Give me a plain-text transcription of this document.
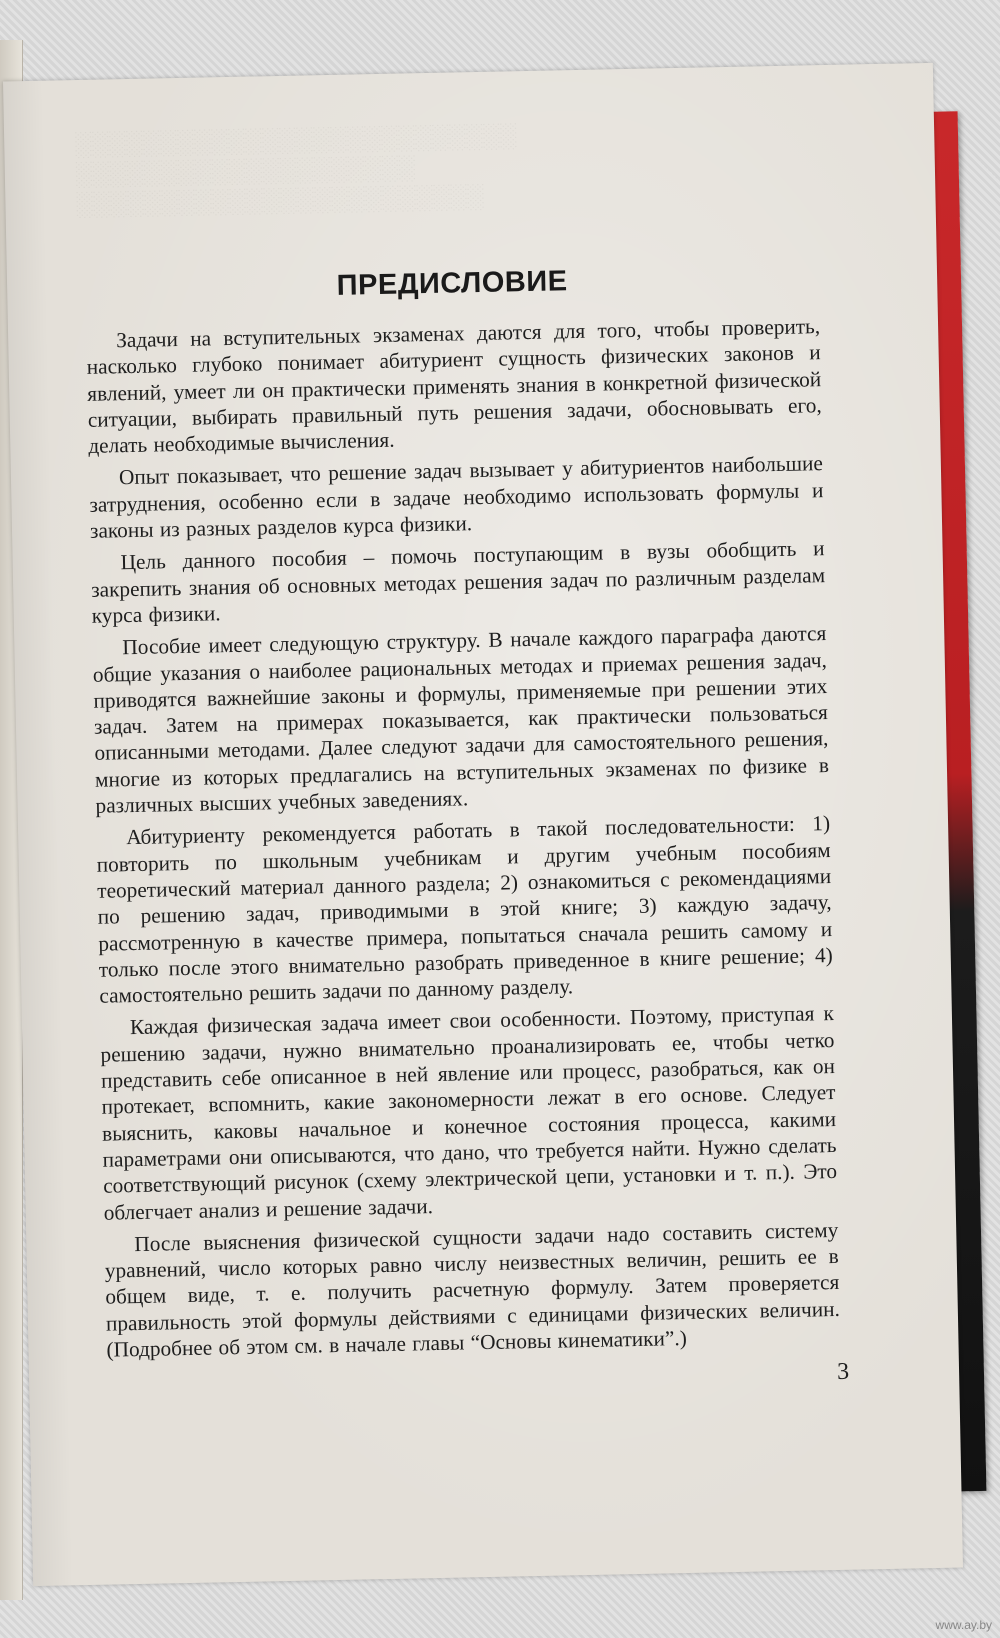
░░░░░░░░░░░░░░░░░░░░░░░░░░
░░░░░░░░░░░░░░░░░░░░
░░░░░░░░░░░░░░░░░░░░░░░░
ПРЕДИСЛОВИЕ

Задачи на вступительных экзаменах даются для того, чтобы проверить, насколько глубоко понимает абитуриент сущность физических законов и явлений, умеет ли он практически применять знания в конкретной физической ситуации, выбирать правильный путь решения задачи, обосновывать его, делать необходимые вычисления.

Опыт показывает, что решение задач вызывает у абитуриентов наибольшие затруднения, особенно если в задаче необходимо использовать формулы и законы из разных разделов курса физики.

Цель данного пособия – помочь поступающим в вузы обобщить и закрепить знания об основных методах решения задач по различным разделам курса физики.

Пособие имеет следующую структуру. В начале каждого параграфа даются общие указания о наиболее рациональных методах и приемах решения задач, приводятся важнейшие законы и формулы, применяемые при решении этих задач. Затем на примерах показывается, как практически пользоваться описанными методами. Далее следуют задачи для самостоятельного решения, многие из которых предлагались на вступительных экзаменах по физике в различных высших учебных заведениях.

Абитуриенту рекомендуется работать в такой последовательности: 1) повторить по школьным учебникам и другим учебным пособиям теоретический материал данного раздела; 2) ознакомиться с рекомендациями по решению задач, приводимыми в этой книге; 3) каждую задачу, рассмотренную в качестве примера, попытаться сначала решить самому и только после этого внимательно разобрать приведенное в книге решение; 4) самостоятельно решить задачи по данному разделу.

Каждая физическая задача имеет свои особенности. Поэтому, приступая к решению задачи, нужно внимательно проанализировать ее, чтобы четко представить себе описанное в ней явление или процесс, разобраться, как он протекает, вспомнить, какие закономерности лежат в его основе. Следует выяснить, каковы начальное и конечное состояния процесса, какими параметрами они описываются, что дано, что требуется найти. Нужно сделать соответствующий рисунок (схему электрической цепи, установки и т. п.). Это облегчает анализ и решение задачи.

После выяснения физической сущности задачи надо составить систему уравнений, число которых равно числу неизвестных величин, решить ее в общем виде, т. е. получить расчетную формулу. Затем проверяется правильность этой формулы действиями с единицами физических величин. (Подробнее об этом см. в начале главы “Основы кинематики”.)

3
www.ay.by
